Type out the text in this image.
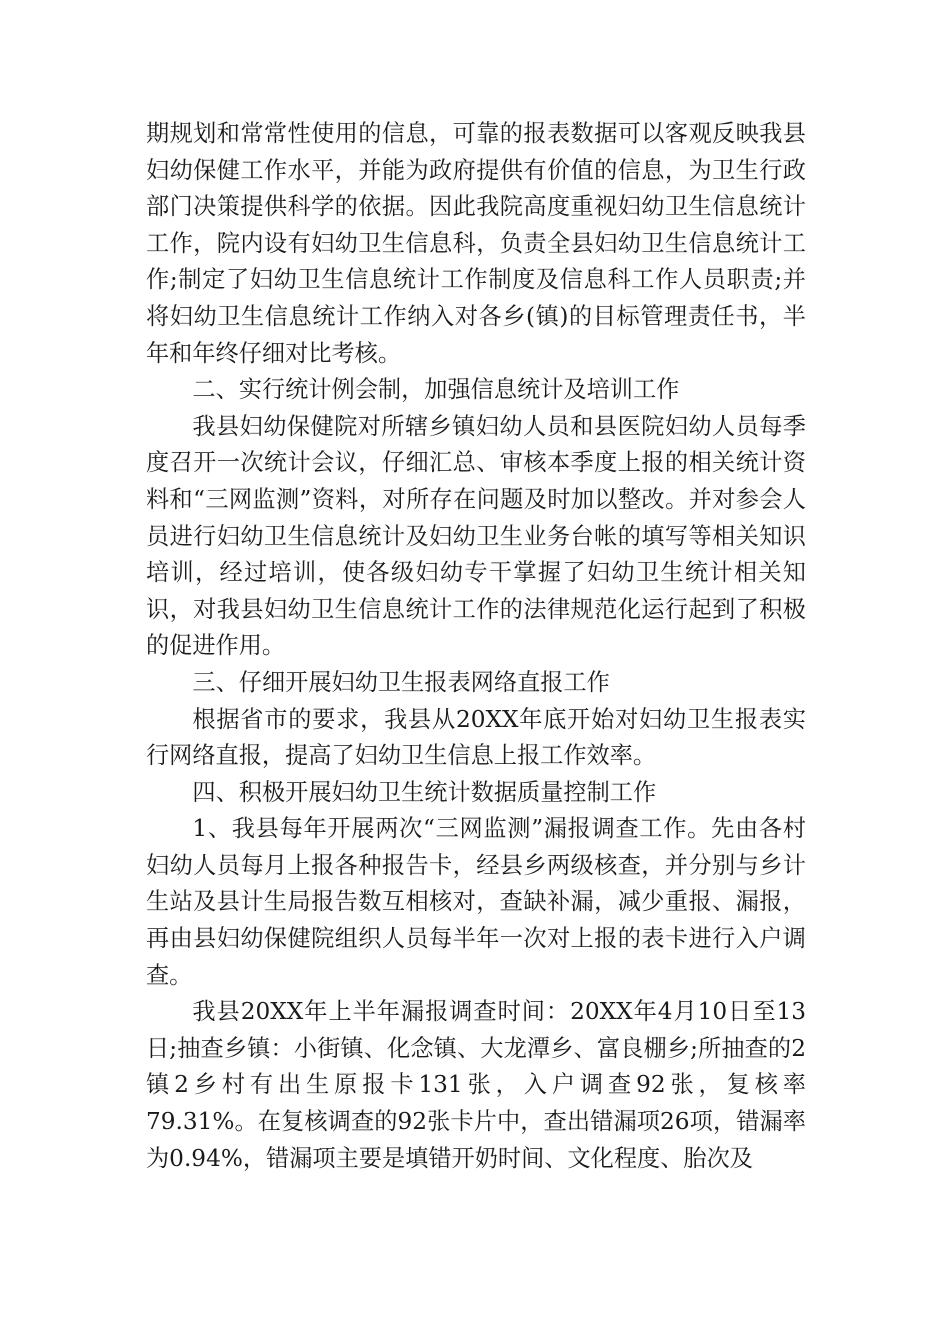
期规划和常常性使用的信息，可靠的报表数据可以客观反映我县妇幼保健工作水平，并能为政府提供有价值的信息，为卫生行政部门决策提供科学的依据。因此我院高度重视妇幼卫生信息统计工作，院内设有妇幼卫生信息科，负责全县妇幼卫生信息统计工作;制定了妇幼卫生信息统计工作制度及信息科工作人员职责;并将妇幼卫生信息统计工作纳入对各乡(镇)的目标管理责任书，半年和年终仔细对比考核。

二、实行统计例会制，加强信息统计及培训工作

我县妇幼保健院对所辖乡镇妇幼人员和县医院妇幼人员每季度召开一次统计会议，仔细汇总、审核本季度上报的相关统计资料和“三网监测”资料，对所存在问题及时加以整改。并对参会人员进行妇幼卫生信息统计及妇幼卫生业务台帐的填写等相关知识培训，经过培训，使各级妇幼专干掌握了妇幼卫生统计相关知识，对我县妇幼卫生信息统计工作的法律规范化运行起到了积极的促进作用。

三、仔细开展妇幼卫生报表网络直报工作

根据省市的要求，我县从20XX年底开始对妇幼卫生报表实行网络直报，提高了妇幼卫生信息上报工作效率。

四、积极开展妇幼卫生统计数据质量控制工作

1、我县每年开展两次“三网监测”漏报调查工作。先由各村妇幼人员每月上报各种报告卡，经县乡两级核查，并分别与乡计生站及县计生局报告数互相核对，查缺补漏，减少重报、漏报，再由县妇幼保健院组织人员每半年一次对上报的表卡进行入户调查。

我县20XX年上半年漏报调查时间：20XX年4月10日至13日;抽查乡镇：小街镇、化念镇、大龙潭乡、富良棚乡;所抽查的2镇2乡村有出生原报卡131张，入户调查92张，复核率79.31%。在复核调查的92张卡片中，查出错漏项26项，错漏率为0.94%，错漏项主要是填错开奶时间、文化程度、胎次及
